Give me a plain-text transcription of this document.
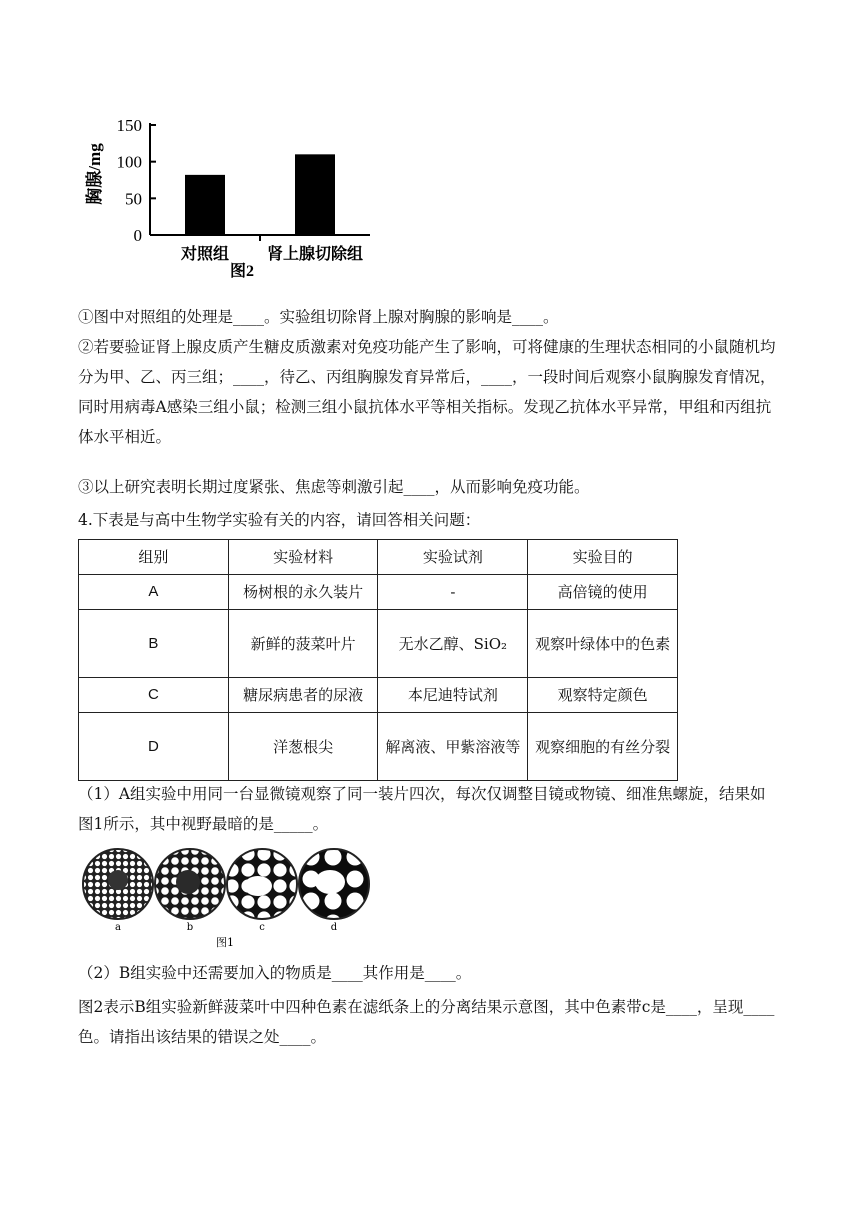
0
50
100
150
对照组 肾上腺切除组
胸腺/mg
图2
①图中对照组的处理是____。实验组切除肾上腺对胸腺的影响是____。
②若要验证肾上腺皮质产生糖皮质激素对免疫功能产生了影响，可将健康的生理状态相同的小鼠随机均分为甲、乙、丙三组；____，待乙、丙组胸腺发育异常后，____，一段时间后观察小鼠胸腺发育情况，同时用病毒A感染三组小鼠；检测三组小鼠抗体水平等相关指标。发现乙抗体水平异常，甲组和丙组抗体水平相近。
③以上研究表明长期过度紧张、焦虑等刺激引起____，从而影响免疫功能。
4.下表是与高中生物学实验有关的内容，请回答相关问题：
组别	实验材料	实验试剂	实验目的
A	杨树根的永久装片	-	高倍镜的使用
B	新鲜的菠菜叶片	无水乙醇、SiO₂	观察叶绿体中的色素
C	糖尿病患者的尿液	本尼迪特试剂	观察特定颜色
D	洋葱根尖	解离液、甲紫溶液等	观察细胞的有丝分裂
（1）A组实验中用同一台显微镜观察了同一装片四次，每次仅调整目镜或物镜、细准焦螺旋，结果如图1所示，其中视野最暗的是_____。
a	b	c	d
图1
（2）B组实验中还需要加入的物质是____其作用是____。
图2表示B组实验新鲜菠菜叶中四种色素在滤纸条上的分离结果示意图，其中色素带c是____，呈现____色。请指出该结果的错误之处____。
